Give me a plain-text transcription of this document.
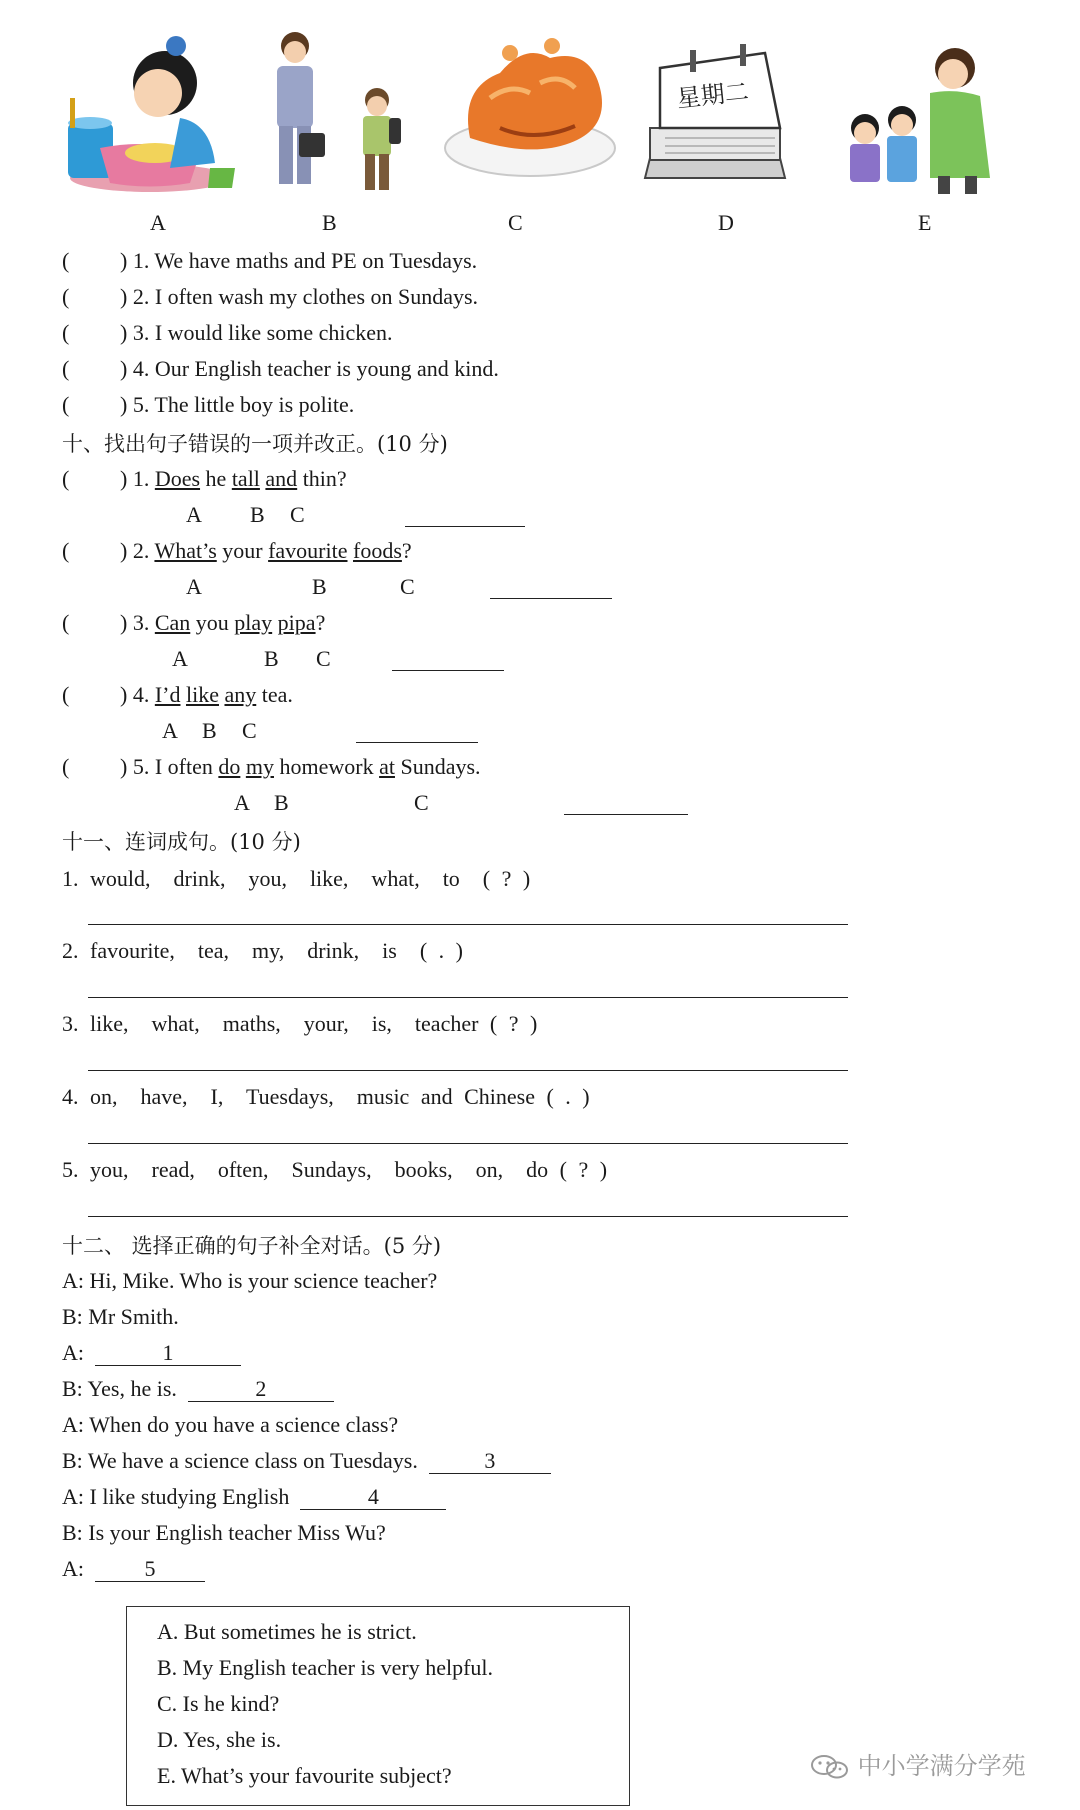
星期二
A	B	C	D	E
( ) 1. We have maths and PE on Tuesdays.
( ) 2. I often wash my clothes on Sundays.
( ) 3. I would like some chicken.
( ) 4. Our English teacher is young and kind.
( ) 5. The little boy is polite.
十、找出句子错误的一项并改正。(10 分)
( ) 1. Does he tall and thin?
A B C
( ) 2. What’s your favourite foods?
A	B	C
( ) 3. Can you play pipa?
A	B C
( ) 4. I’d like any tea.
A B C
( ) 5. I often do my homework at Sundays.
A B	C
十一、连词成句。(10 分)
1. would,  drink,  you,  like,  what,  to  ( ? )
2. favourite,  tea,  my,  drink,  is  ( . )
3. like,  what,  maths,  your,  is,  teacher ( ? )
4. on,  have,  I,  Tuesdays,  music and Chinese ( . )
5. you,  read,  often,  Sundays,  books,  on,  do ( ? )
十二、 选择正确的句子补全对话。(5 分)
A: Hi, Mike. Who is your science teacher?
B: Mr Smith.
A:	1
B: Yes, he is.	2
A: When do you have a science class?
B: We have a science class on Tuesdays.	3
A: I like studying English	4
B: Is your English teacher Miss Wu?
A:	5
A. But sometimes he is strict.
B. My English teacher is very helpful.
C. Is he kind?
D. Yes, she is.
E. What’s your favourite subject?	中小学满分学苑
